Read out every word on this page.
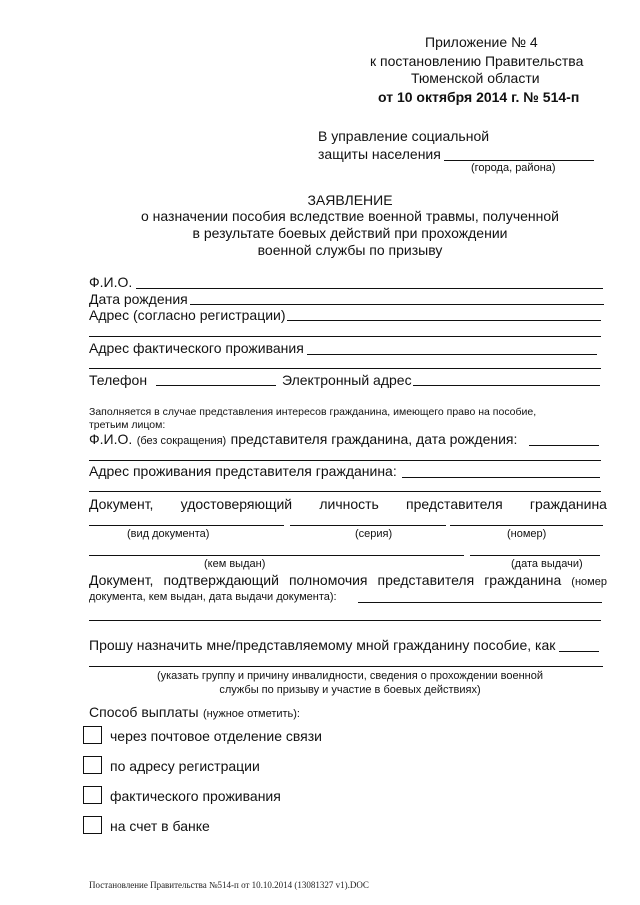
Приложение № 4
к постановлению Правительства
Тюменской области
от 10 октября 2014 г. № 514-п
В управление социальной
защиты населения
(города, района)
ЗАЯВЛЕНИЕ
о назначении пособия вследствие военной травмы, полученной
в результате боевых действий при прохождении
военной службы по призыву
Ф.И.О.
Дата рождения
Адрес (согласно регистрации)
Адрес фактического проживания
Телефон	Электронный адрес
Заполняется в случае представления интересов гражданина, имеющего право на пособие,
третьим лицом:
Ф.И.О. (без сокращения) представителя гражданина, дата рождения:
Адрес проживания представителя гражданина:
Документ, удостоверяющий личность представителя гражданина
(вид документа)	(серия)	(номер)
(кем выдан)	(дата выдачи)
Документ, подтверждающий полномочия представителя гражданина (номер
документа, кем выдан, дата выдачи документа):
Прошу назначить мне/представляемому мной гражданину пособие, как
(указать группу и причину инвалидности, сведения о прохождении военной
службы по призыву и участие в боевых действиях)
Способ выплаты (нужное отметить):
через почтовое отделение связи
по адресу регистрации
фактического проживания
на счет в банке
Постановление Правительства №514-п от 10.10.2014 (13081327 v1).DOC
